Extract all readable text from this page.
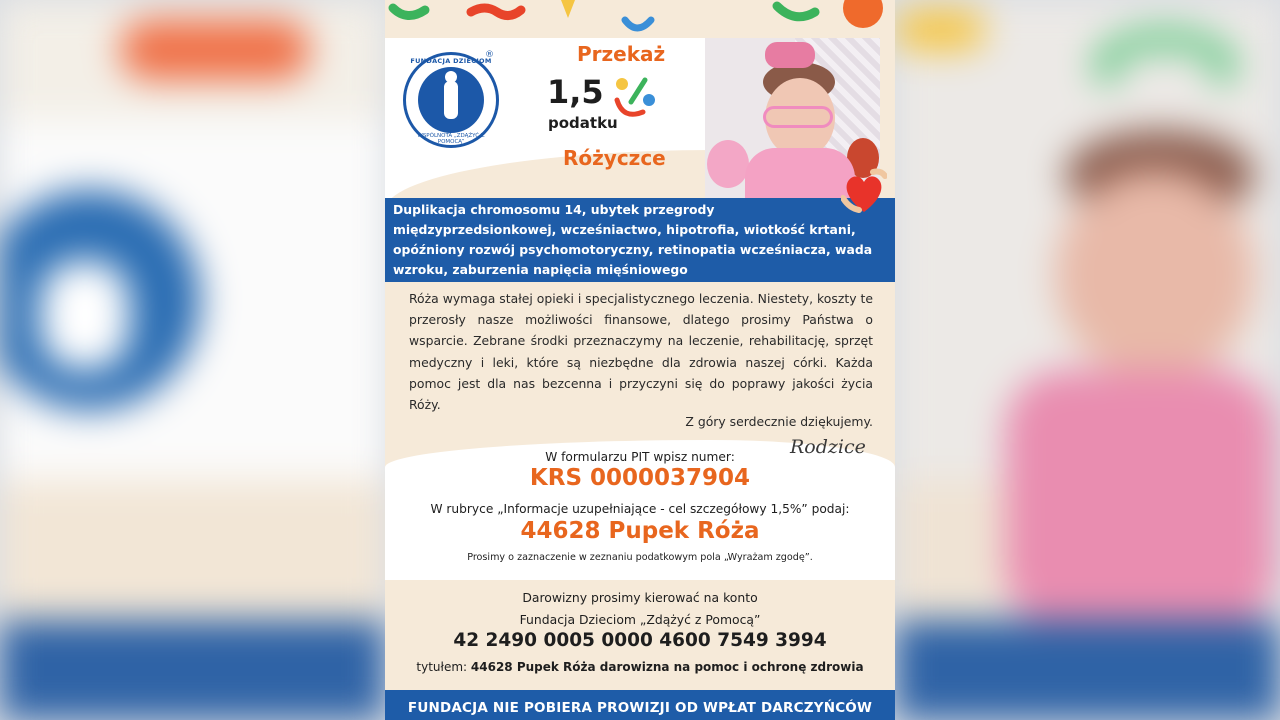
FUNDACJA DZIECIOM
WSPÓLNOTA „ZDĄŻYĆ Z POMOCĄ”
®	Przekaż
1,5
podatku
Różyczce

Duplikacja chromosomu 14, ubytek przegrody

międzyprzedsionkowej, wcześniactwo, hipotrofia, wiotkość krtani,

opóźniony rozwój psychomotoryczny, retinopatia wcześniacza, wada

wzroku, zaburzenia napięcia mięśniowego

Róża wymaga stałej opieki i specjalistycznego leczenia. Niestety, koszty te przerosły nasze możliwości finansowe, dlatego prosimy Państwa o wsparcie. Zebrane środki przeznaczymy na leczenie, rehabilitację, sprzęt medyczny i leki, które są niezbędne dla zdrowia naszej córki. Każda pomoc jest dla nas bezcenna i przyczyni się do poprawy jakości życia Róży.
Z góry serdecznie dziękujemy.
Rodzice
W formularzu PIT wpisz numer:
KRS 0000037904
W rubryce „Informacje uzupełniające - cel szczegółowy 1,5%” podaj:
44628 Pupek Róża
Prosimy o zaznaczenie w zeznaniu podatkowym pola „Wyrażam zgodę”.
Darowizny prosimy kierować na konto
Fundacja Dzieciom „Zdążyć z Pomocą”
42 2490 0005 0000 4600 7549 3994
tytułem: 44628 Pupek Róża darowizna na pomoc i ochronę zdrowia
FUNDACJA NIE POBIERA PROWIZJI OD WPŁAT DARCZYŃCÓW
